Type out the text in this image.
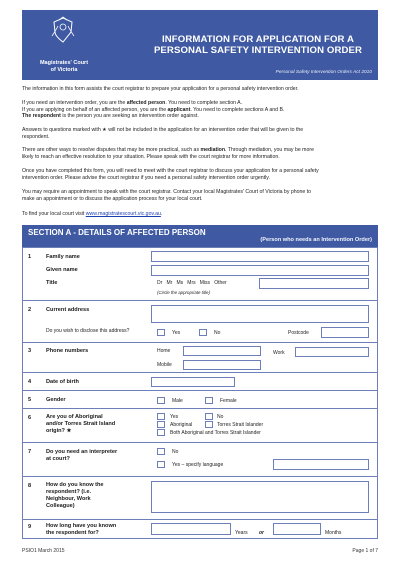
Magistrates' Court
of Victoria
INFORMATION FOR APPLICATION FOR A
PERSONAL SAFETY INTERVENTION ORDER
Personal Safety Intervention Orders Act 2010
The information in this form assists the court registrar to prepare your application for a personal safety intervention order.
If you need an intervention order, you are the affected person. You need to complete section A.
If you are applying on behalf of an affected person, you are the applicant. You need to complete sections A and B.
The respondent is the person you are seeking an intervention order against.
Answers to questions marked with ★ will not be included in the application for an intervention order that will be given to the
respondent.
There are other ways to resolve disputes that may be more practical, such as mediation. Through mediation, you may be more
likely to reach an effective resolution to your situation. Please speak with the court registrar for more information.
Once you have completed this form, you will need to meet with the court registrar to discuss your application for a personal safety
intervention order. Please advise the court registrar if you need a personal safety intervention order urgently.
You may require an appointment to speak with the court registrar. Contact your local Magistrates' Court of Victoria by phone to
make an appointment or to discuss the application process for your local court.
To find your local court visit www.magistratescourt.vic.gov.au.
SECTION A - DETAILS OF AFFECTED PERSON
(Person who needs an Intervention Order)
1	Family name
Given name
Title	Dr   Mr   Ms   Mrs   Miss   Other
(Circle the appropriate title)
2	Current address
Do you wish to disclose this address?	Yes	No	Postcode
3	Phone numbers	Home	Work
Mobile
4	Date of birth
5	Gender	Male	Female
6	Are you of Aboriginal
and/or Torres Strait Island
origin? ★
Yes	No
Aboriginal	Torres Strait Islander
Both Aboriginal and Torres Strait Islander
7	Do you need an interpreter
at court?
No
Yes – specify language
8	How do you know the
respondent? (i.e.
Neighbour, Work
Colleague)
9	How long have you known
the respondent for?	Years or	Months
PSIO1 March 2015	Page 1 of 7
